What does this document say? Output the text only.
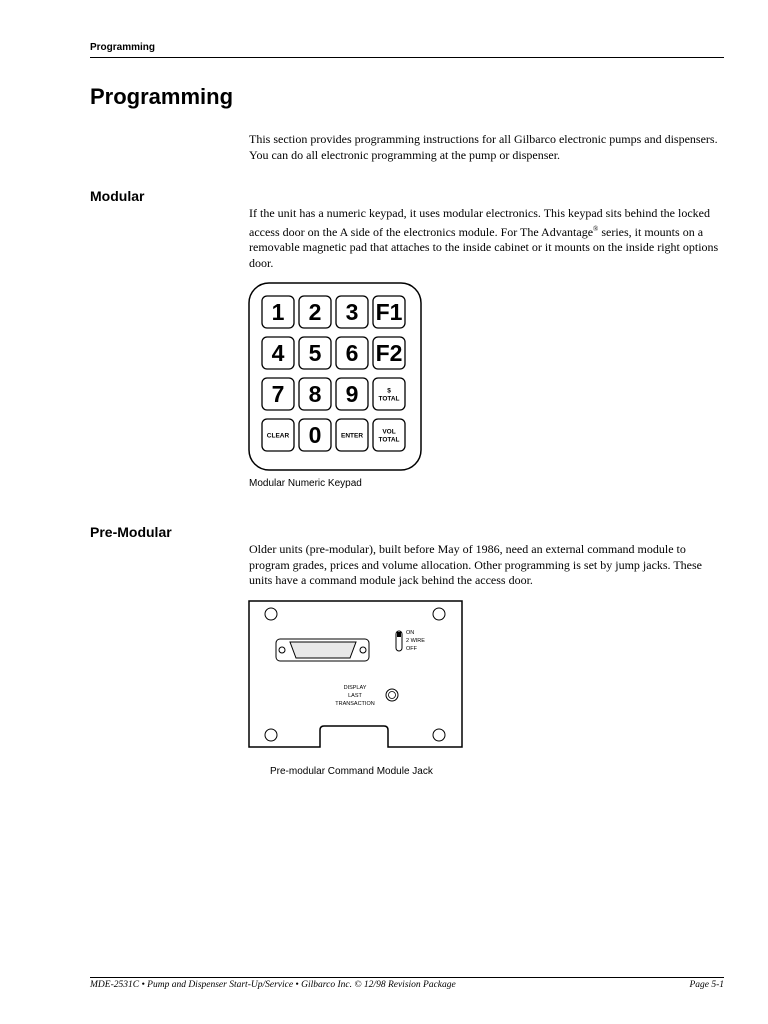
Programming
Programming

This section provides programming instructions for all Gilbarco electronic pumps and dispensers. You can do all electronic programming at the pump or dispenser.

Modular

If the unit has a numeric keypad, it uses modular electronics. This keypad sits behind the locked access door on the A side of the electronics module. For The Advantage® series, it mounts on a removable magnetic pad that attaches to the inside cabinet or it mounts on the inside right options door.

1 2 3 F1
4 5 6 F2
7 8 9	$
TOTAL
CLEAR 0	ENTER
VOL
TOTAL
Modular Numeric Keypad
Pre-Modular

Older units (pre-modular), built before May of 1986, need an external command module to program grades, prices and volume allocation. Other programming is set by jump jacks. These units have a command module jack behind the access door.

ON
2 WIRE
OFF
DISPLAY
LAST
TRANSACTION
Pre-modular Command Module Jack
MDE-2531C • Pump and Dispenser Start-Up/Service • Gilbarco Inc. © 12/98 Revision Package	Page 5-1
